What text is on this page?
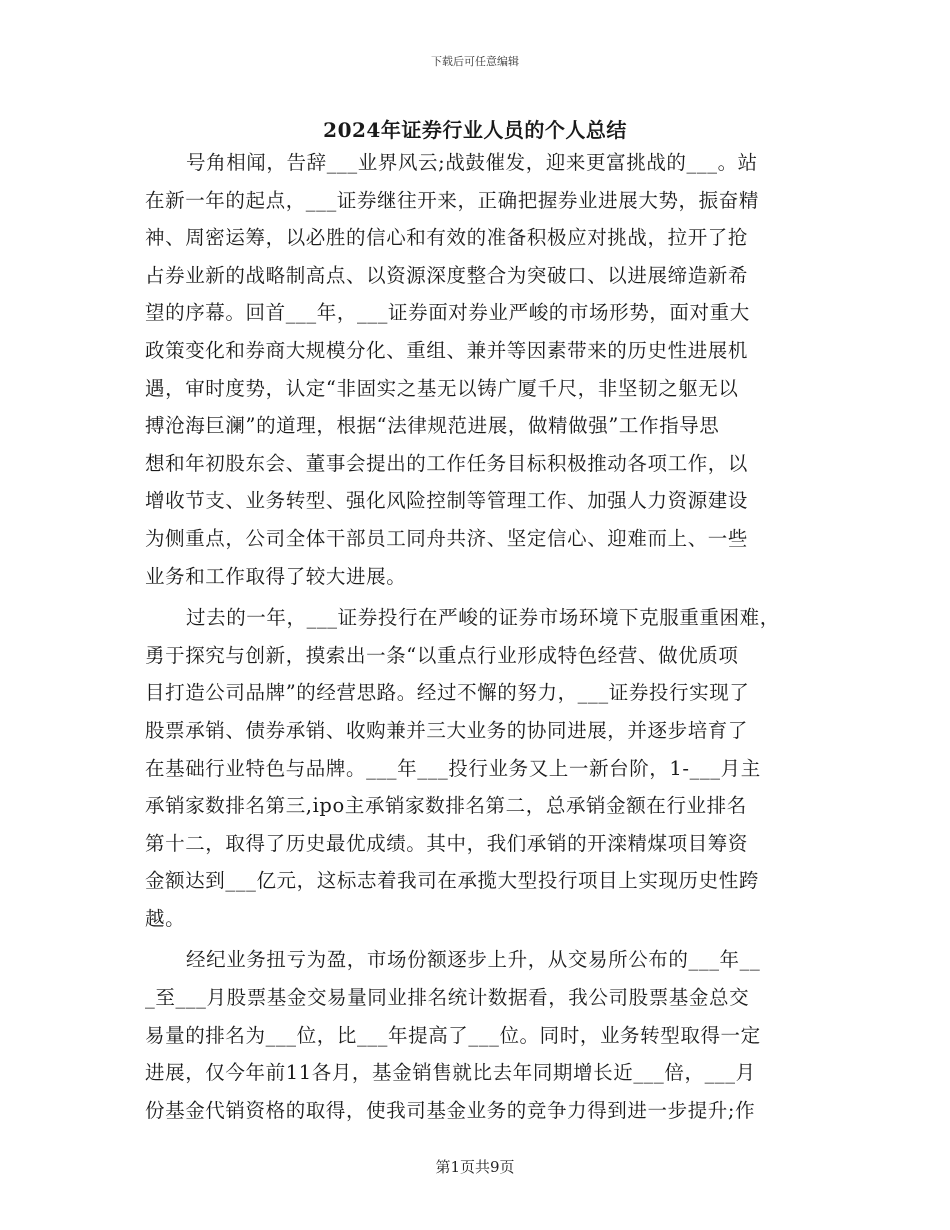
下载后可任意编辑
2024年证券行业人员的个人总结
号角相闻，告辞___业界风云;战鼓催发，迎来更富挑战的___。站
在新一年的起点，___证券继往开来，正确把握券业进展大势，振奋精
神、周密运筹，以必胜的信心和有效的准备积极应对挑战，拉开了抢
占券业新的战略制高点、以资源深度整合为突破口、以进展缔造新希
望的序幕。回首___年，___证券面对券业严峻的市场形势，面对重大
政策变化和券商大规模分化、重组、兼并等因素带来的历史性进展机
遇，审时度势，认定“非固实之基无以铸广厦千尺，非坚韧之躯无以
搏沧海巨澜”的道理，根据“法律规范进展，做精做强”工作指导思
想和年初股东会、董事会提出的工作任务目标积极推动各项工作，以
增收节支、业务转型、强化风险控制等管理工作、加强人力资源建设
为侧重点，公司全体干部员工同舟共济、坚定信心、迎难而上、一些
业务和工作取得了较大进展。
过去的一年，___证券投行在严峻的证券市场环境下克服重重困难，
勇于探究与创新，摸索出一条“以重点行业形成特色经营、做优质项
目打造公司品牌”的经营思路。经过不懈的努力，___证券投行实现了
股票承销、债券承销、收购兼并三大业务的协同进展，并逐步培育了
在基础行业特色与品牌。___年___投行业务又上一新台阶，1-___月主
承销家数排名第三,ipo主承销家数排名第二，总承销金额在行业排名
第十二，取得了历史最优成绩。其中，我们承销的开滦精煤项目筹资
金额达到___亿元，这标志着我司在承揽大型投行项目上实现历史性跨
越。
经纪业务扭亏为盈，市场份额逐步上升，从交易所公布的___年__
_至___月股票基金交易量同业排名统计数据看，我公司股票基金总交
易量的排名为___位，比___年提高了___位。同时，业务转型取得一定
进展，仅今年前11各月，基金销售就比去年同期增长近___倍，___月
份基金代销资格的取得，使我司基金业务的竞争力得到进一步提升;作
第1页共9页
